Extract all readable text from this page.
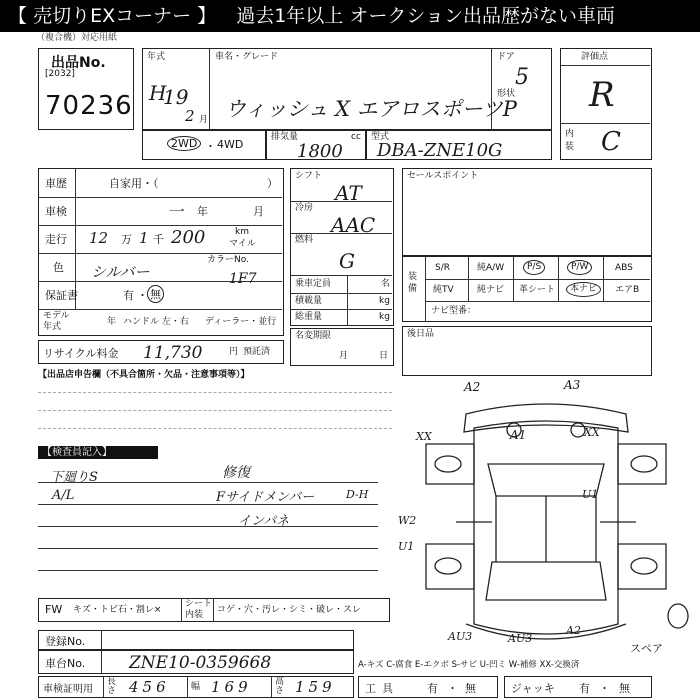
【 売切りEXコーナー 】 過去1年以上 オークション出品歴がない車両
（複合機）対応用紙
出品No.
[2032]
70236
年式
H
19
2 月
車名・グレード
ウィッシュ X エアロスポーツP
ドア
5
形状
2WD ・ 4WD
排気量	cc
1800
型式
DBA-ZNE10G
評価点
R
内
装 C
車歴	自家用・（	）
車検	一 年	月
走行 12 万 1 千 200	km
マイル
色 シルバー
カラーNo.
1F7
保証書	有 ・ 無
モデル
年式	年 ハンドル 左・右 ディーラー・並行
リサイクル料金 11,730	円 預託済
シフト
AT
冷房
AAC
燃料
G
乗車定員	名
積載量	kg
総重量	kg
名変期限
月	日
セールスポイント
装備
S/R	純A/W	P/S	P/W	ABS
純TV	純ナビ 革シート	本ナビ	エアB
ナビ型番：
後日品
【出品店申告欄（不具合箇所・欠品・注意事項等）】
【検査員記入】
下廻りS
A/L
修復
Fサイドメンバー	D-H
インパネ
A2	A3
A1
XX	XX
U1
W2
U1
AU3	AU3
A2
スペア
FW キズ・トビ石・割レ×
シート
内装 コゲ・穴・汚レ・シミ・破レ・スレ
登録No.
車台No.	ZNE10-0359668	A-キズ C-腐食 E-エクボ S-サビ U-凹ミ W-補修 XX-交換済
車検証明用
長さ 456 幅 169	高さ 159	工具	有 ・ 無	ジャッキ 有 ・ 無
